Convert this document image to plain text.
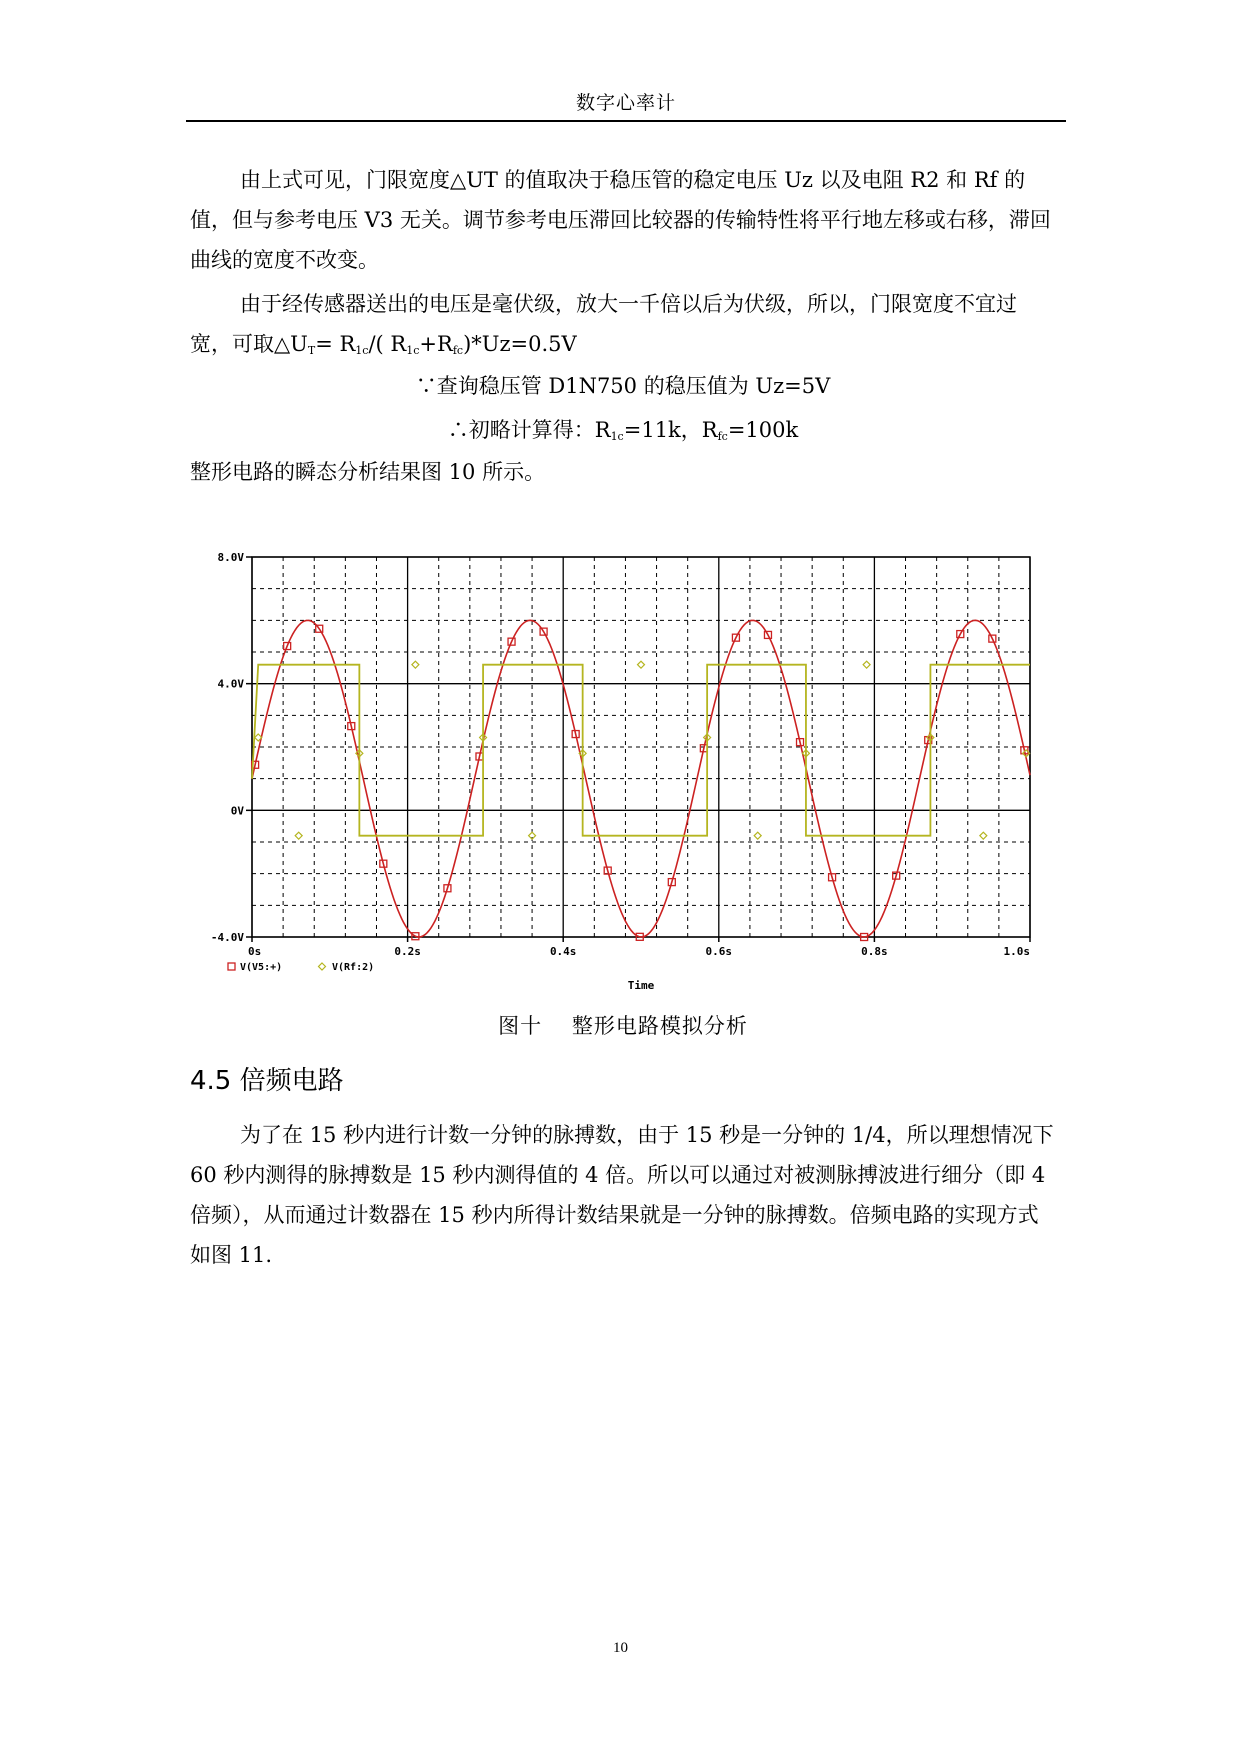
数字心率计

由上式可见，门限宽度△UT 的值取决于稳压管的稳定电压 Uz 以及电阻 R2 和 Rf 的值，但与参考电压 V3 无关。调节参考电压滞回比较器的传输特性将平行地左移或右移，滞回曲线的宽度不改变。

由于经传感器送出的电压是毫伏级，放大一千倍以后为伏级，所以，门限宽度不宜过宽，可取$\triangle U_T= R_{1c}/$( $R_{1c}+R_{fc})*Uz=0.5V$

∵查询稳压管 D1N750 的稳压值为 Uz=5V

∴初略计算得：$R_{1c}=11k$，$R_{fc}=100k$

整形电路的瞬态分析结果图 10 所示。

0s	0.2s	0.4s	0.6s	0.8s	1.0s
-4.0V
0V
4.0V
8.0V
V(V5:+)	V(Rf:2)
Time
图十　 整形电路模拟分析
4.5 倍频电路

为了在 15 秒内进行计数一分钟的脉搏数，由于 15 秒是一分钟的 1/4，所以理想情况下 60 秒内测得的脉搏数是 15 秒内测得值的 4 倍。所以可以通过对被测脉搏波进行细分（即 4 倍频），从而通过计数器在 15 秒内所得计数结果就是一分钟的脉搏数。倍频电路的实现方式如图 11.

10
